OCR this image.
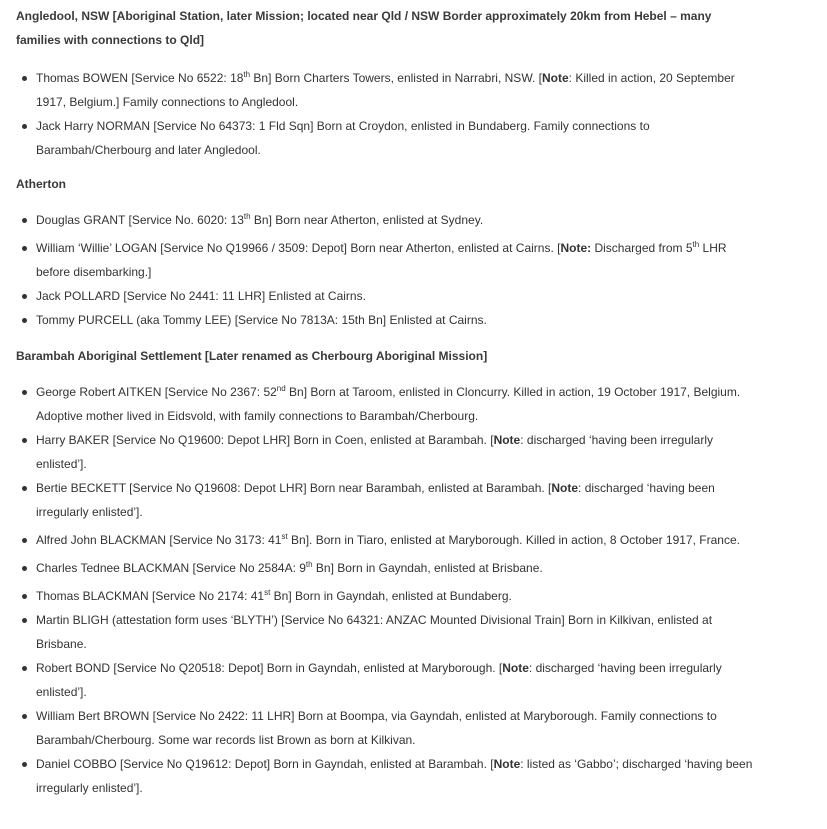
Angledool, NSW [Aboriginal Station, later Mission; located near Qld / NSW Border approximately 20km from Hebel – many families with connections to Qld]

Thomas BOWEN [Service No 6522: 18th Bn] Born Charters Towers, enlisted in Narrabri, NSW. [Note: Killed in action, 20 September 1917, Belgium.] Family connections to Angledool.
Jack Harry NORMAN [Service No 64373: 1 Fld Sqn] Born at Croydon, enlisted in Bundaberg. Family connections to Barambah/Cherbourg and later Angledool.

Atherton

Douglas GRANT [Service No. 6020: 13th Bn] Born near Atherton, enlisted at Sydney.
William ‘Willie’ LOGAN [Service No Q19966 / 3509: Depot] Born near Atherton, enlisted at Cairns. [Note: Discharged from 5th LHR before disembarking.]
Jack POLLARD [Service No 2441: 11 LHR] Enlisted at Cairns.
Tommy PURCELL (aka Tommy LEE) [Service No 7813A: 15th Bn] Enlisted at Cairns.

Barambah Aboriginal Settlement [Later renamed as Cherbourg Aboriginal Mission]

George Robert AITKEN [Service No 2367: 52nd Bn] Born at Taroom, enlisted in Cloncurry. Killed in action, 19 October 1917, Belgium. Adoptive mother lived in Eidsvold, with family connections to Barambah/Cherbourg.
Harry BAKER [Service No Q19600: Depot LHR] Born in Coen, enlisted at Barambah. [Note: discharged ‘having been irregularly enlisted’].
Bertie BECKETT [Service No Q19608: Depot LHR] Born near Barambah, enlisted at Barambah. [Note: discharged ‘having been irregularly enlisted’].
Alfred John BLACKMAN [Service No 3173: 41st Bn]. Born in Tiaro, enlisted at Maryborough. Killed in action, 8 October 1917, France.
Charles Tednee BLACKMAN [Service No 2584A: 9th Bn] Born in Gayndah, enlisted at Brisbane.
Thomas BLACKMAN [Service No 2174: 41st Bn] Born in Gayndah, enlisted at Bundaberg.
Martin BLIGH (attestation form uses ‘BLYTH’) [Service No 64321: ANZAC Mounted Divisional Train] Born in Kilkivan, enlisted at Brisbane.
Robert BOND [Service No Q20518: Depot] Born in Gayndah, enlisted at Maryborough. [Note: discharged ‘having been irregularly enlisted’].
William Bert BROWN [Service No 2422: 11 LHR] Born at Boompa, via Gayndah, enlisted at Maryborough. Family connections to Barambah/Cherbourg. Some war records list Brown as born at Kilkivan.
Daniel COBBO [Service No Q19612: Depot] Born in Gayndah, enlisted at Barambah. [Note: listed as ‘Gabbo’; discharged ‘having been irregularly enlisted’].
